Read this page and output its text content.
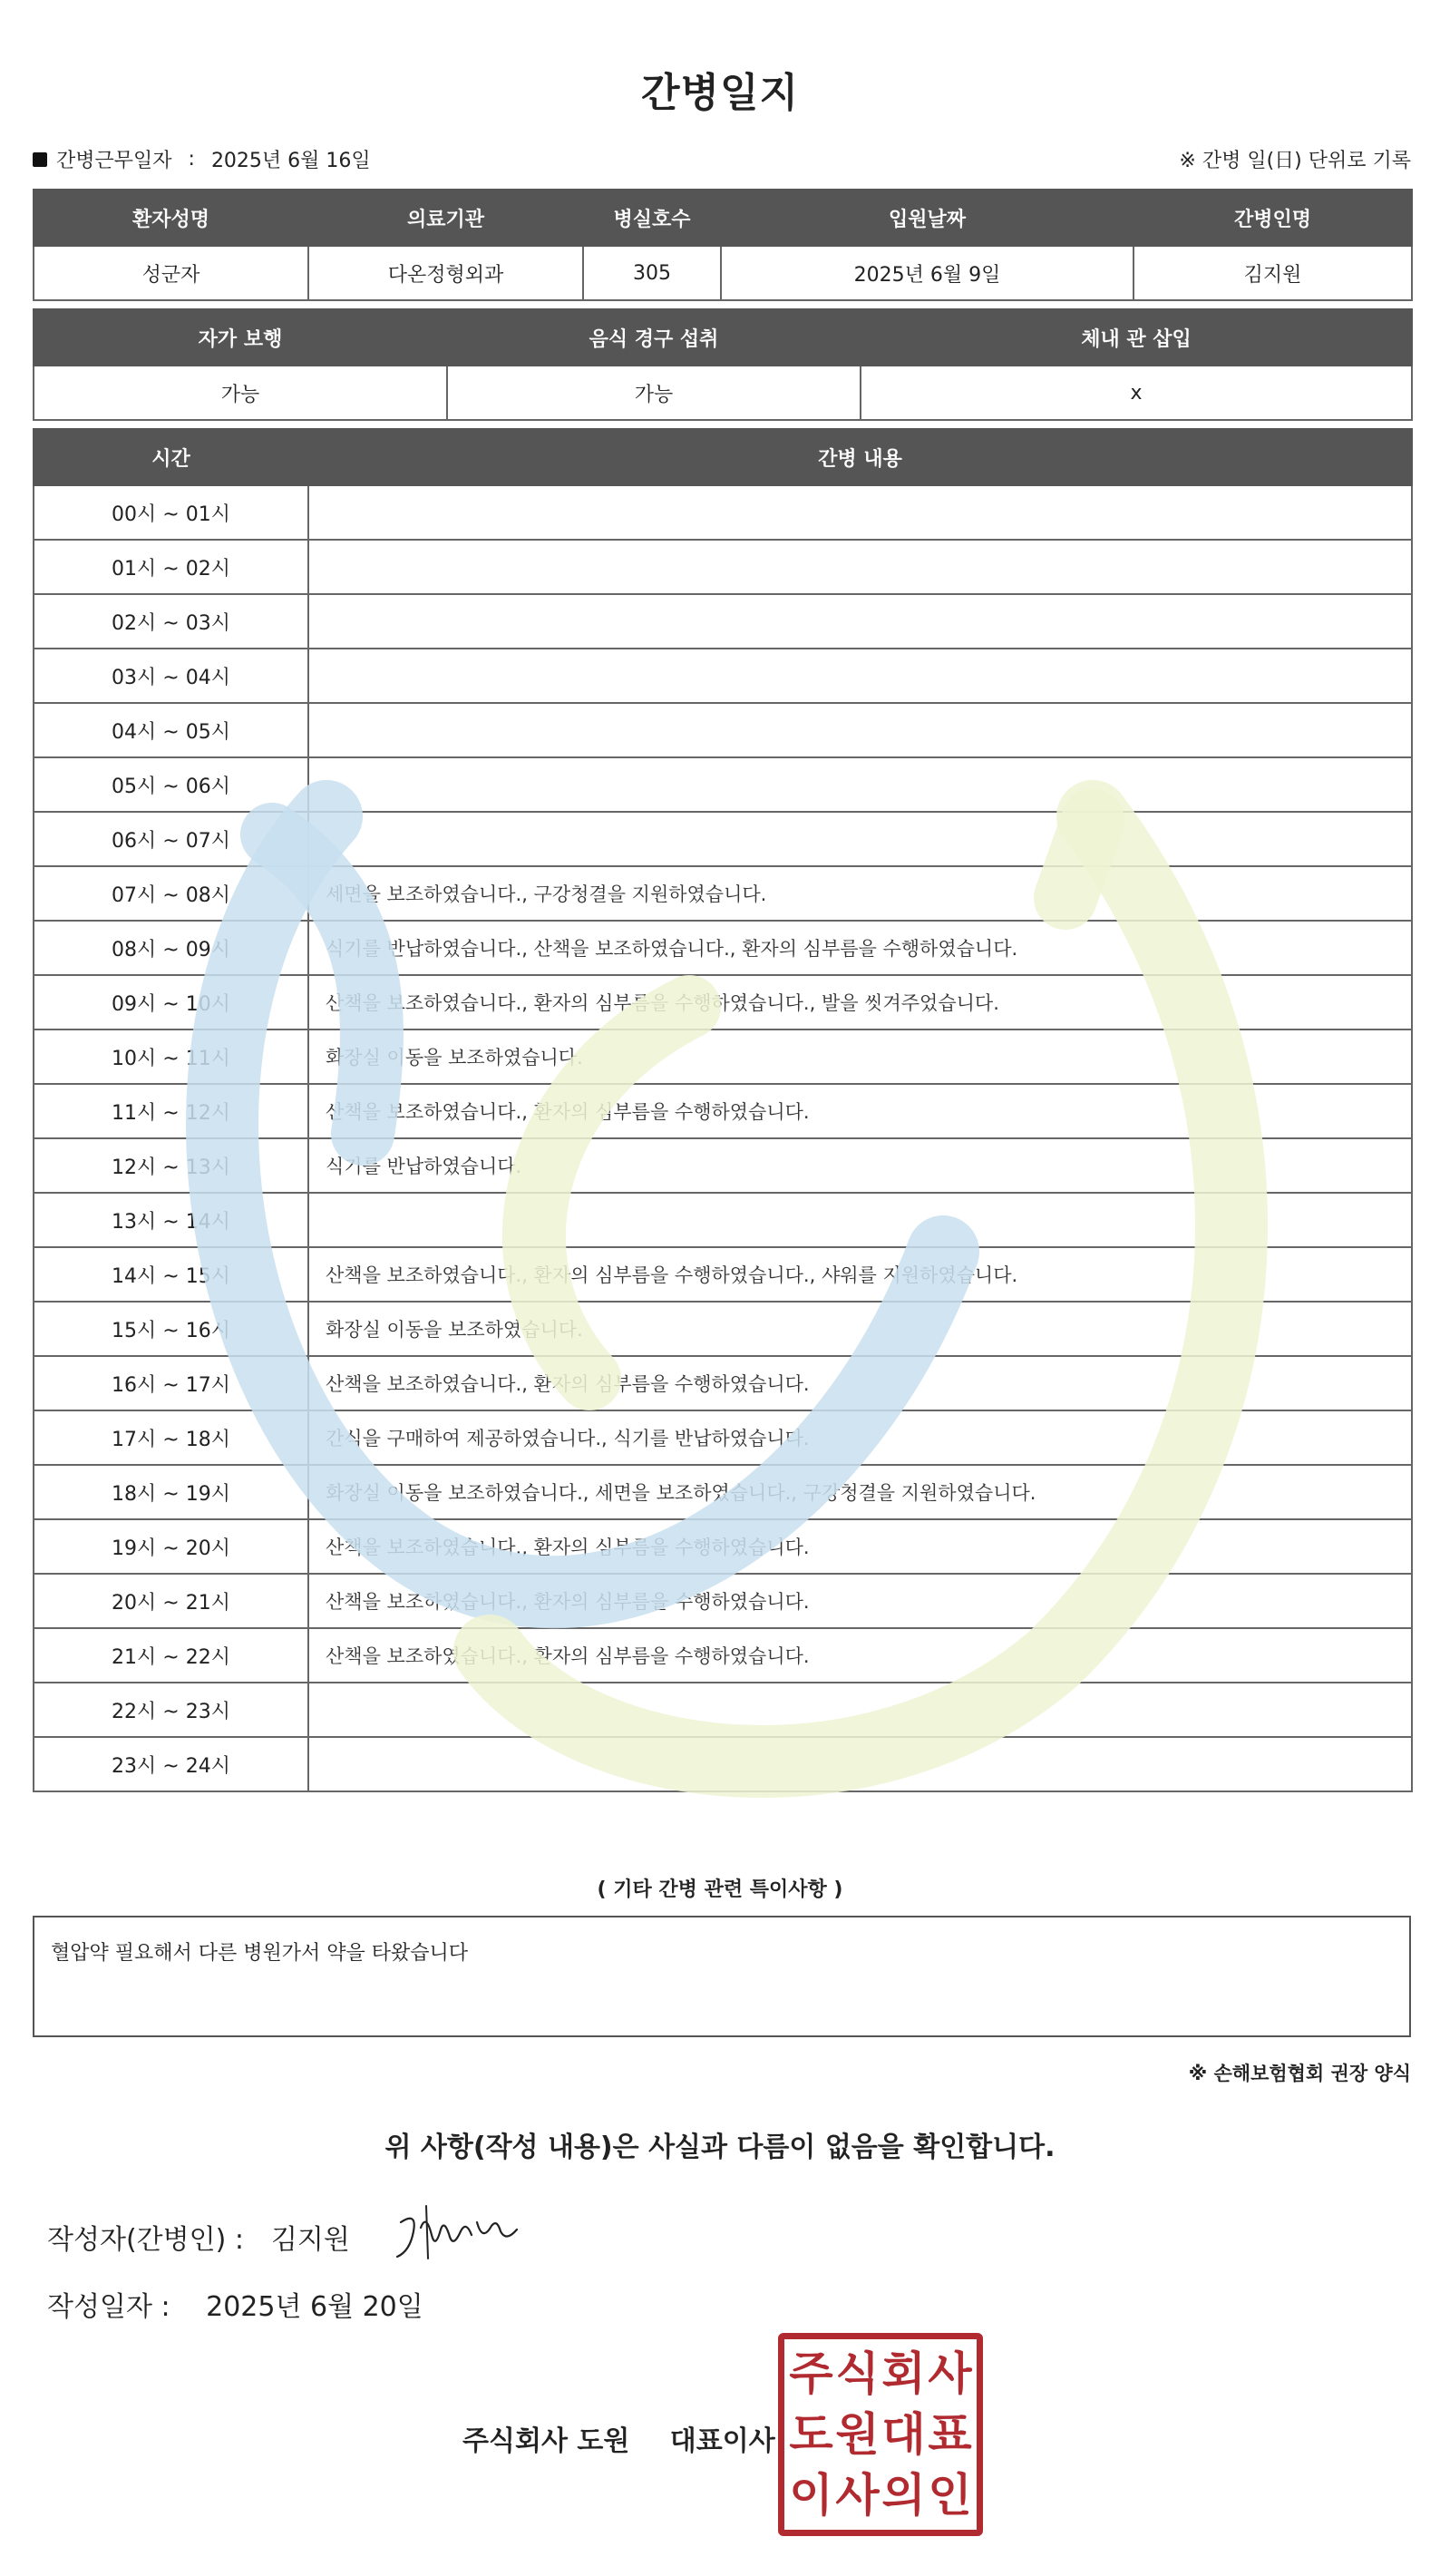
간병일지
간병근무일자 : 2025년 6월 16일	※ 간병 일(日) 단위로 기록
환자성명	의료기관	병실호수	입원날짜	간병인명
성군자	다온정형외과	305	2025년 6월 9일	김지원
자가 보행	음식 경구 섭취	체내 관 삽입
가능	가능	x
시간	간병 내용
00시 ~ 01시	
01시 ~ 02시	
02시 ~ 03시	
03시 ~ 04시	
04시 ~ 05시	
05시 ~ 06시	
06시 ~ 07시	
07시 ~ 08시	세면을 보조하였습니다., 구강청결을 지원하였습니다.
08시 ~ 09시	식기를 반납하였습니다., 산책을 보조하였습니다., 환자의 심부름을 수행하였습니다.
09시 ~ 10시	산책을 보조하였습니다., 환자의 심부름을 수행하였습니다., 발을 씻겨주었습니다.
10시 ~ 11시	화장실 이동을 보조하였습니다.
11시 ~ 12시	산책을 보조하였습니다., 환자의 심부름을 수행하였습니다.
12시 ~ 13시	식기를 반납하였습니다.
13시 ~ 14시	
14시 ~ 15시	산책을 보조하였습니다., 환자의 심부름을 수행하였습니다., 샤워를 지원하였습니다.
15시 ~ 16시	화장실 이동을 보조하였습니다.
16시 ~ 17시	산책을 보조하였습니다., 환자의 심부름을 수행하였습니다.
17시 ~ 18시	간식을 구매하여 제공하였습니다., 식기를 반납하였습니다.
18시 ~ 19시	화장실 이동을 보조하였습니다., 세면을 보조하였습니다., 구강청결을 지원하였습니다.
19시 ~ 20시	산책을 보조하였습니다., 환자의 심부름을 수행하였습니다.
20시 ~ 21시	산책을 보조하였습니다., 환자의 심부름을 수행하였습니다.
21시 ~ 22시	산책을 보조하였습니다., 환자의 심부름을 수행하였습니다.
22시 ~ 23시	
23시 ~ 24시	
( 기타 간병 관련 특이사항 )
혈압약 필요해서 다른 병원가서 약을 타왔습니다
※ 손해보험협회 권장 양식
위 사항(작성 내용)은 사실과 다름이 없음을 확인합니다.
작성자(간병인) : 김지원
작성일자 : 2025년 6월 20일
주식회사 도원 대표이사
주 식 회 사
도 원 대 표
이 사 의 인
